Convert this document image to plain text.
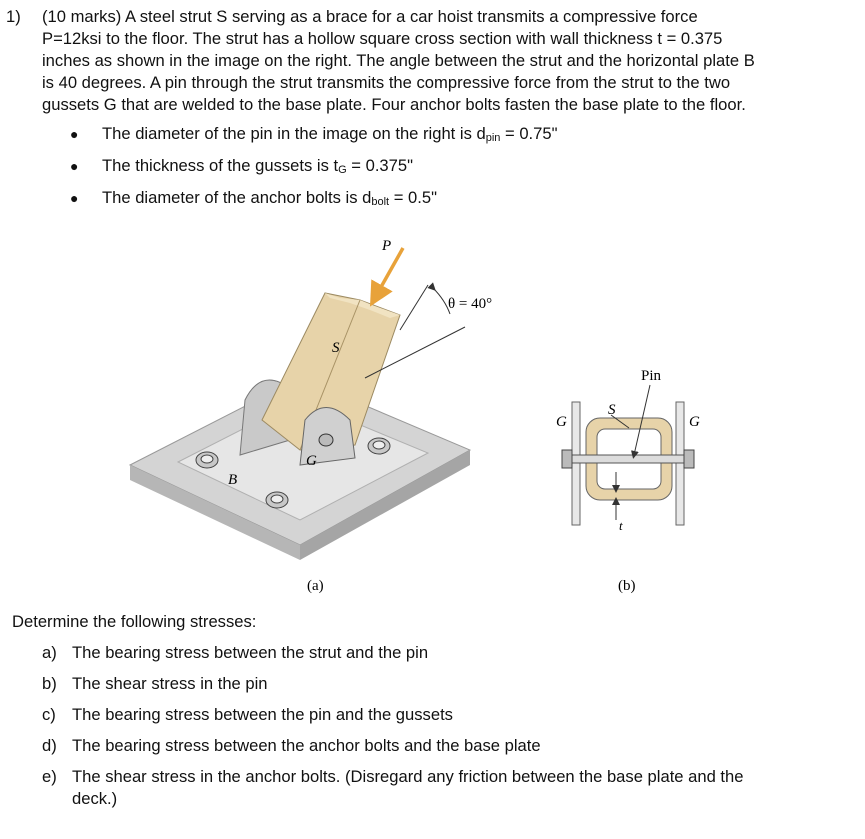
1) (10 marks) A steel strut S serving as a brace for a car hoist transmits a compressive force
P=12ksi to the floor. The strut has a hollow square cross section with wall thickness t = 0.375
inches as shown in the image on the right. The angle between the strut and the horizontal plate B
is 40 degrees. A pin through the strut transmits the compressive force from the strut to the two
gussets G that are welded to the base plate. Four anchor bolts fasten the base plate to the floor.
● The diameter of the pin in the image on the right is $d_{pin} = 0.75$"
● The thickness of the gussets is $t_G = 0.375$"
● The diameter of the anchor bolts is $d_{bolt} = 0.5$"
P
S
G
B
θ = 40°
(a)
Pin
G	G
S
t
(b)
Determine the following stresses:
a) The bearing stress between the strut and the pin
b) The shear stress in the pin
c) The bearing stress between the pin and the gussets
d) The bearing stress between the anchor bolts and the base plate
e) The shear stress in the anchor bolts. (Disregard any friction between the base plate and the
deck.)
